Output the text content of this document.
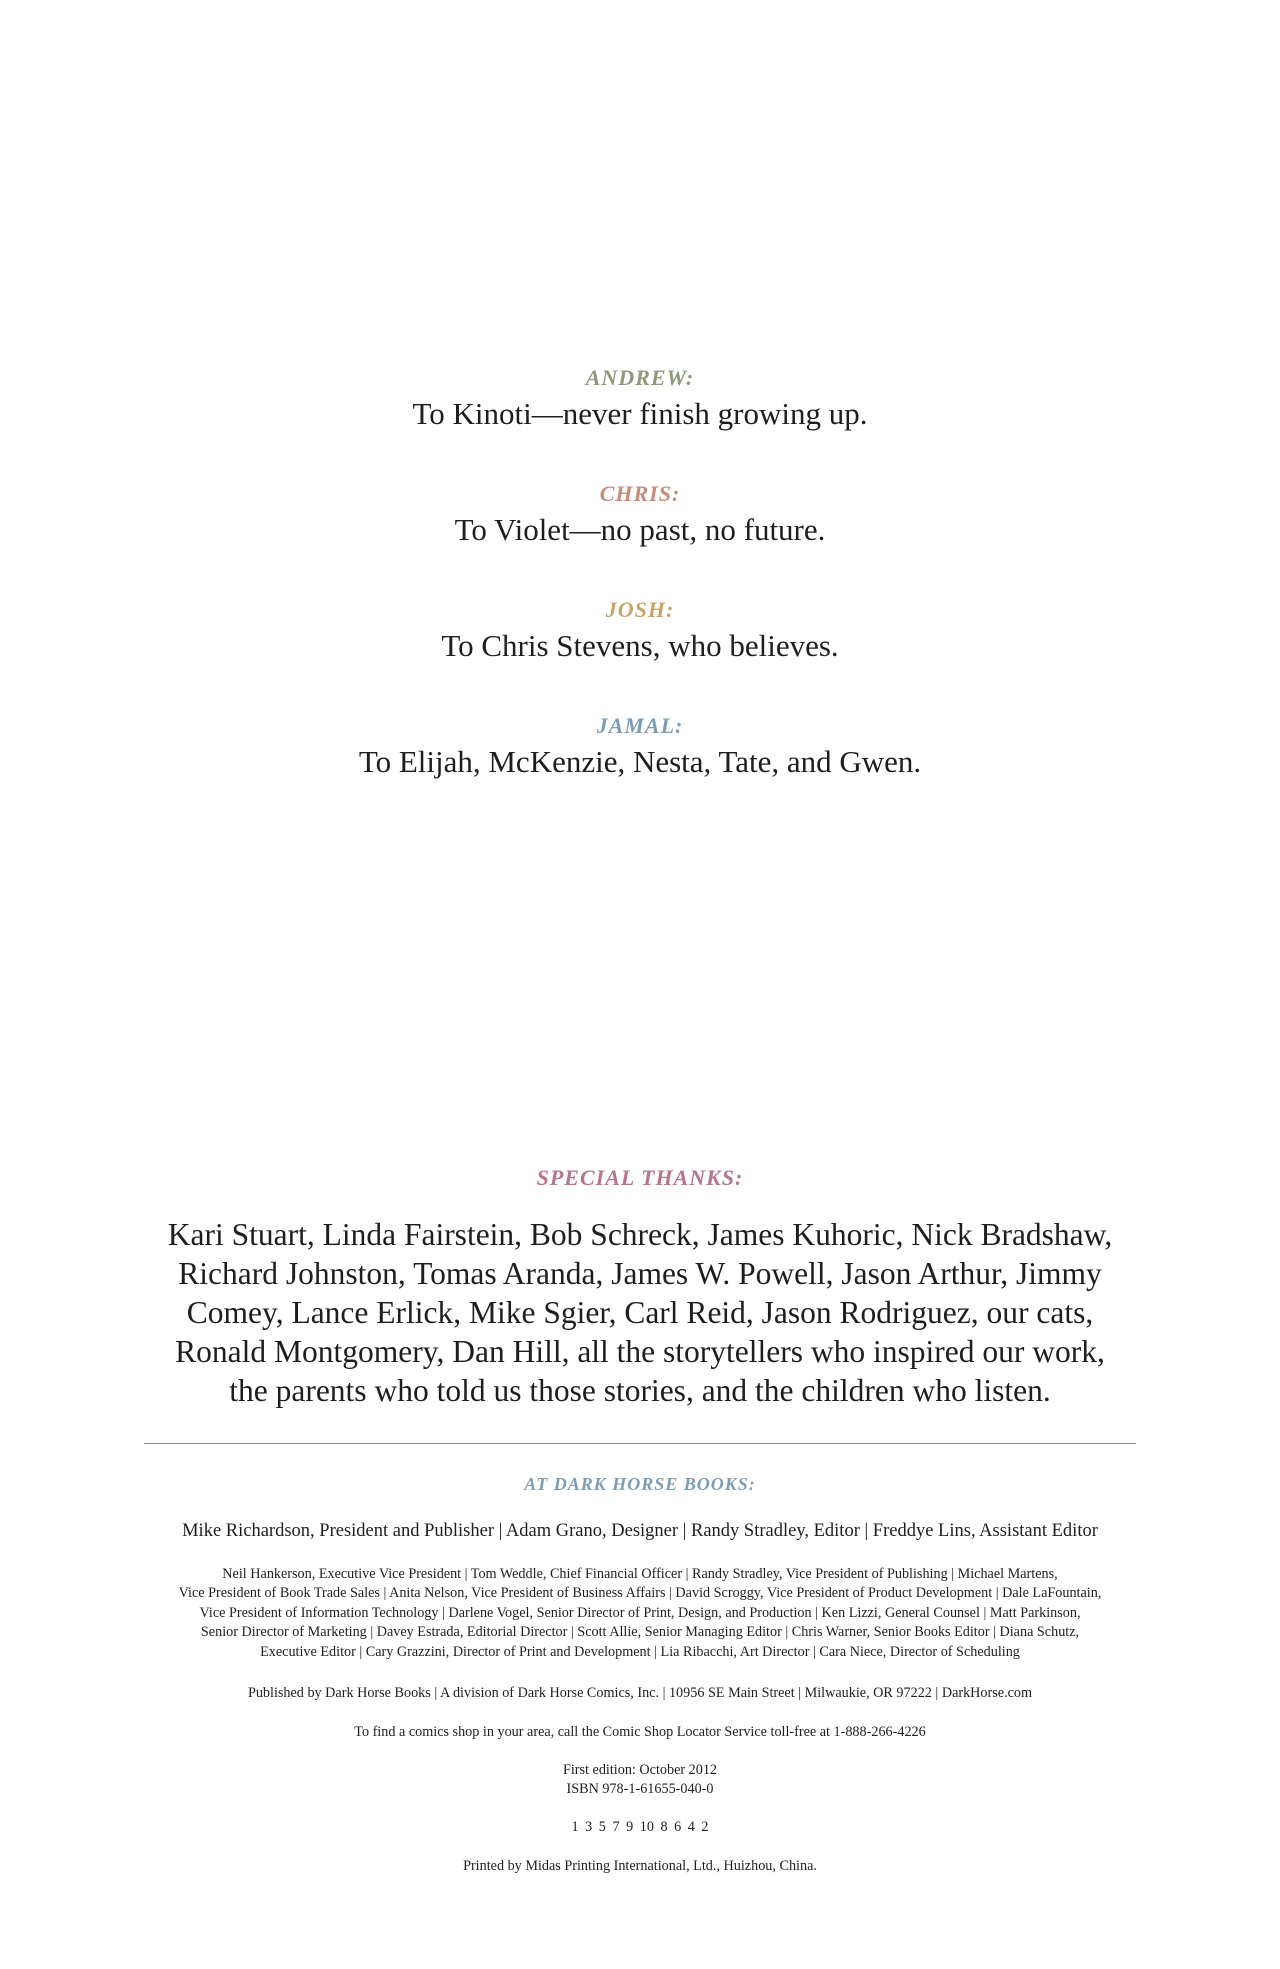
ANDREW:
To Kinoti—never finish growing up.
CHRIS:
To Violet—no past, no future.
JOSH:
To Chris Stevens, who believes.
JAMAL:
To Elijah, McKenzie, Nesta, Tate, and Gwen.
SPECIAL THANKS:
Kari Stuart, Linda Fairstein, Bob Schreck, James Kuhoric, Nick Bradshaw,
Richard Johnston, Tomas Aranda, James W. Powell, Jason Arthur, Jimmy
Comey, Lance Erlick, Mike Sgier, Carl Reid, Jason Rodriguez, our cats,
Ronald Montgomery, Dan Hill, all the storytellers who inspired our work,
the parents who told us those stories, and the children who listen.
AT DARK HORSE BOOKS:
Mike Richardson, President and Publisher | Adam Grano, Designer | Randy Stradley, Editor | Freddye Lins, Assistant Editor
Neil Hankerson, Executive Vice President | Tom Weddle, Chief Financial Officer | Randy Stradley, Vice President of Publishing | Michael Martens,
Vice President of Book Trade Sales | Anita Nelson, Vice President of Business Affairs | David Scroggy, Vice President of Product Development | Dale LaFountain,
Vice President of Information Technology | Darlene Vogel, Senior Director of Print, Design, and Production | Ken Lizzi, General Counsel | Matt Parkinson,
Senior Director of Marketing | Davey Estrada, Editorial Director | Scott Allie, Senior Managing Editor | Chris Warner, Senior Books Editor | Diana Schutz,
Executive Editor | Cary Grazzini, Director of Print and Development | Lia Ribacchi, Art Director | Cara Niece, Director of Scheduling
Published by Dark Horse Books | A division of Dark Horse Comics, Inc. | 10956 SE Main Street | Milwaukie, OR 97222 | DarkHorse.com
To find a comics shop in your area, call the Comic Shop Locator Service toll-free at 1-888-266-4226
First edition: October 2012
ISBN 978-1-61655-040-0
1 3 5 7 9 10 8 6 4 2
Printed by Midas Printing International, Ltd., Huizhou, China.
